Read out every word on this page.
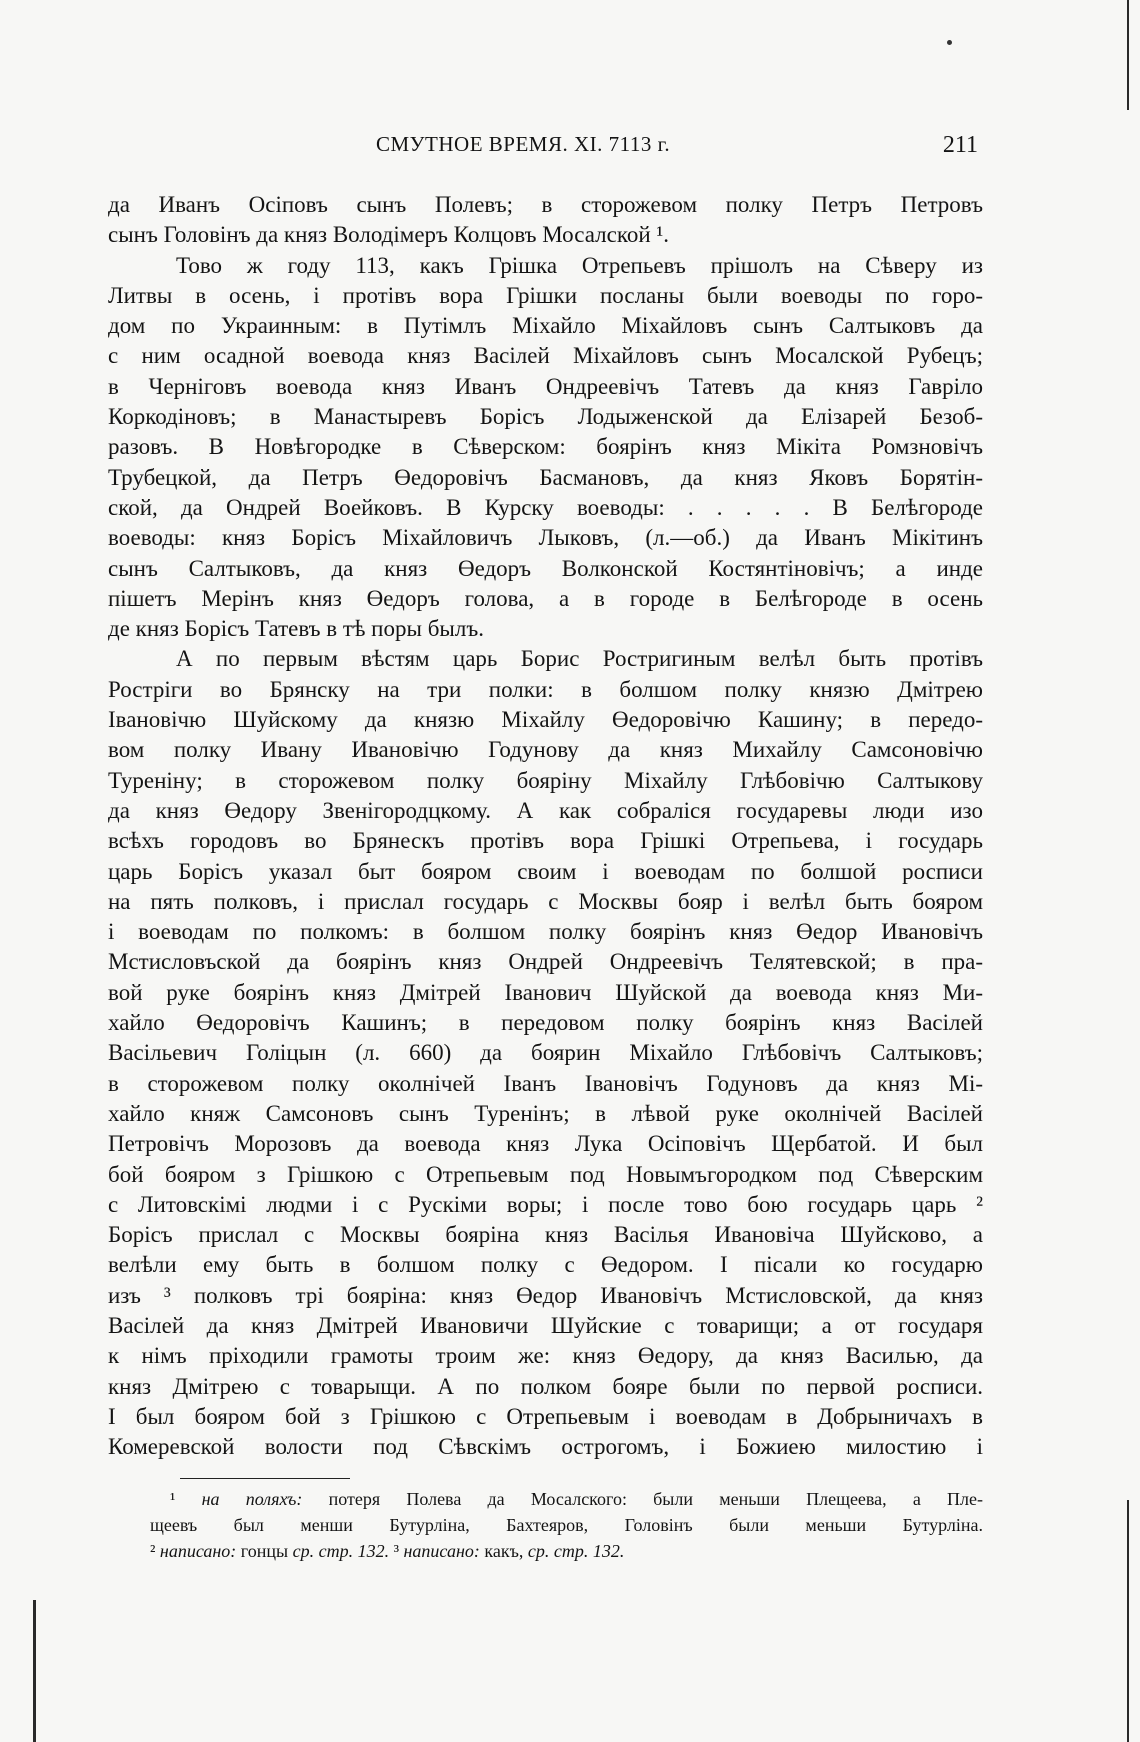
СМУТНОЕ ВРЕМЯ. XI. 7113 г.	211
да Иванъ Осіповъ сынъ Полевъ; в сторожевом полку Петръ Петровъ
сынъ Головінъ да княз Володімеръ Колцовъ Мосалской ¹.
Тово ж году 113, какъ Грішка Отрепьевъ прішолъ на Сѣверу из
Литвы в осень, і протівъ вора Грішки посланы были воеводы по горо-
дом по Украинным: в Путімлъ Міхайло Міхайловъ сынъ Салтыковъ да
с ним осадной воевода княз Васілей Міхайловъ сынъ Мосалской Рубецъ;
в Черніговъ воевода княз Иванъ Ондреевічъ Татевъ да княз Гавріло
Коркодіновъ; в Манастыревъ Борісъ Лодыженской да Елізарей Безоб-
разовъ. В Новѣгородке в Сѣверском: боярінъ княз Мікіта Ромзновічъ
Трубецкой, да Петръ Өедоровічъ Басмановъ, да княз Яковъ Борятін-
ской, да Ондрей Воейковъ. В Курску воеводы: . . . . . В Белѣгороде
воеводы: княз Борісъ Міхайловичъ Лыковъ, (л.—об.) да Иванъ Мікітинъ
сынъ Салтыковъ, да княз Өедоръ Волконской Костянтіновічъ; а инде
пішетъ Мерінъ княз Өедоръ голова, а в городе в Белѣгороде в осень
де княз Борісъ Татевъ в тѣ поры былъ.
А по первым вѣстям царь Борис Ростригиным велѣл быть протівъ
Ростріги во Брянску на три полки: в болшом полку князю Дмітрею
Івановічю Шуйскому да князю Міхайлу Өедоровічю Кашину; в передо-
вом полку Ивану Ивановічю Годунову да княз Михайлу Самсоновічю
Туреніну; в сторожевом полку бояріну Міхайлу Глѣбовічю Салтыкову
да княз Өедору Звенігородцкому. А как собраліся государевы люди изо
всѣхъ городовъ во Брянескъ протівъ вора Грішкі Отрепьева, і государь
царь Борісъ указал быт бояром своим і воеводам по болшой росписи
на пять полковъ, і прислал государь с Москвы бояр і велѣл быть бояром
і воеводам по полкомъ: в болшом полку боярінъ княз Өедор Ивановічъ
Мстисловъской да боярінъ княз Ондрей Ондреевічъ Телятевской; в пра-
вой руке боярінъ княз Дмітрей Іванович Шуйской да воевода княз Ми-
хайло Өедоровічъ Кашинъ; в передовом полку боярінъ княз Васілей
Васільевич Голіцын (л. 660) да боярин Міхайло Глѣбовічъ Салтыковъ;
в сторожевом полку околнічей Іванъ Івановічъ Годуновъ да княз Мі-
хайло княж Самсоновъ сынъ Туренінъ; в лѣвой руке околнічей Васілей
Петровічъ Морозовъ да воевода княз Лука Осіповічъ Щербатой. И был
бой бояром з Грішкою с Отрепьевым под Новымъгородком под Сѣверским
с Литовскімі людми і с Рускіми воры; і после тово бою государь царь ²
Борісъ прислал с Москвы бояріна княз Васілья Ивановіча Шуйсково, а
велѣли ему быть в болшом полку с Өедором. І пісали ко государю
изъ ³ полковъ трі бояріна: княз Өедор Ивановічъ Мстисловской, да княз
Васілей да княз Дмітрей Ивановичи Шуйские с товарищи; а от государя
к німъ пріходили грамоты троим же: княз Өедору, да княз Василью, да
княз Дмітрею с товарыщи. А по полком бояре были по первой росписи.
І был бояром бой з Грішкою с Отрепьевым і воеводам в Добрыничахъ в
Комеревской волости под Сѣвскімъ острогомъ, і Божиею милостию і
¹ на поляхъ: потеря Полева да Мосалского: были меньши Плещеева, а Пле-
щеевъ был менши Бутурліна, Бахтеяров, Головінъ были меньши Бутурліна.
² написано: гонцы ср. стр. 132. ³ написано: какъ, ср. стр. 132.
